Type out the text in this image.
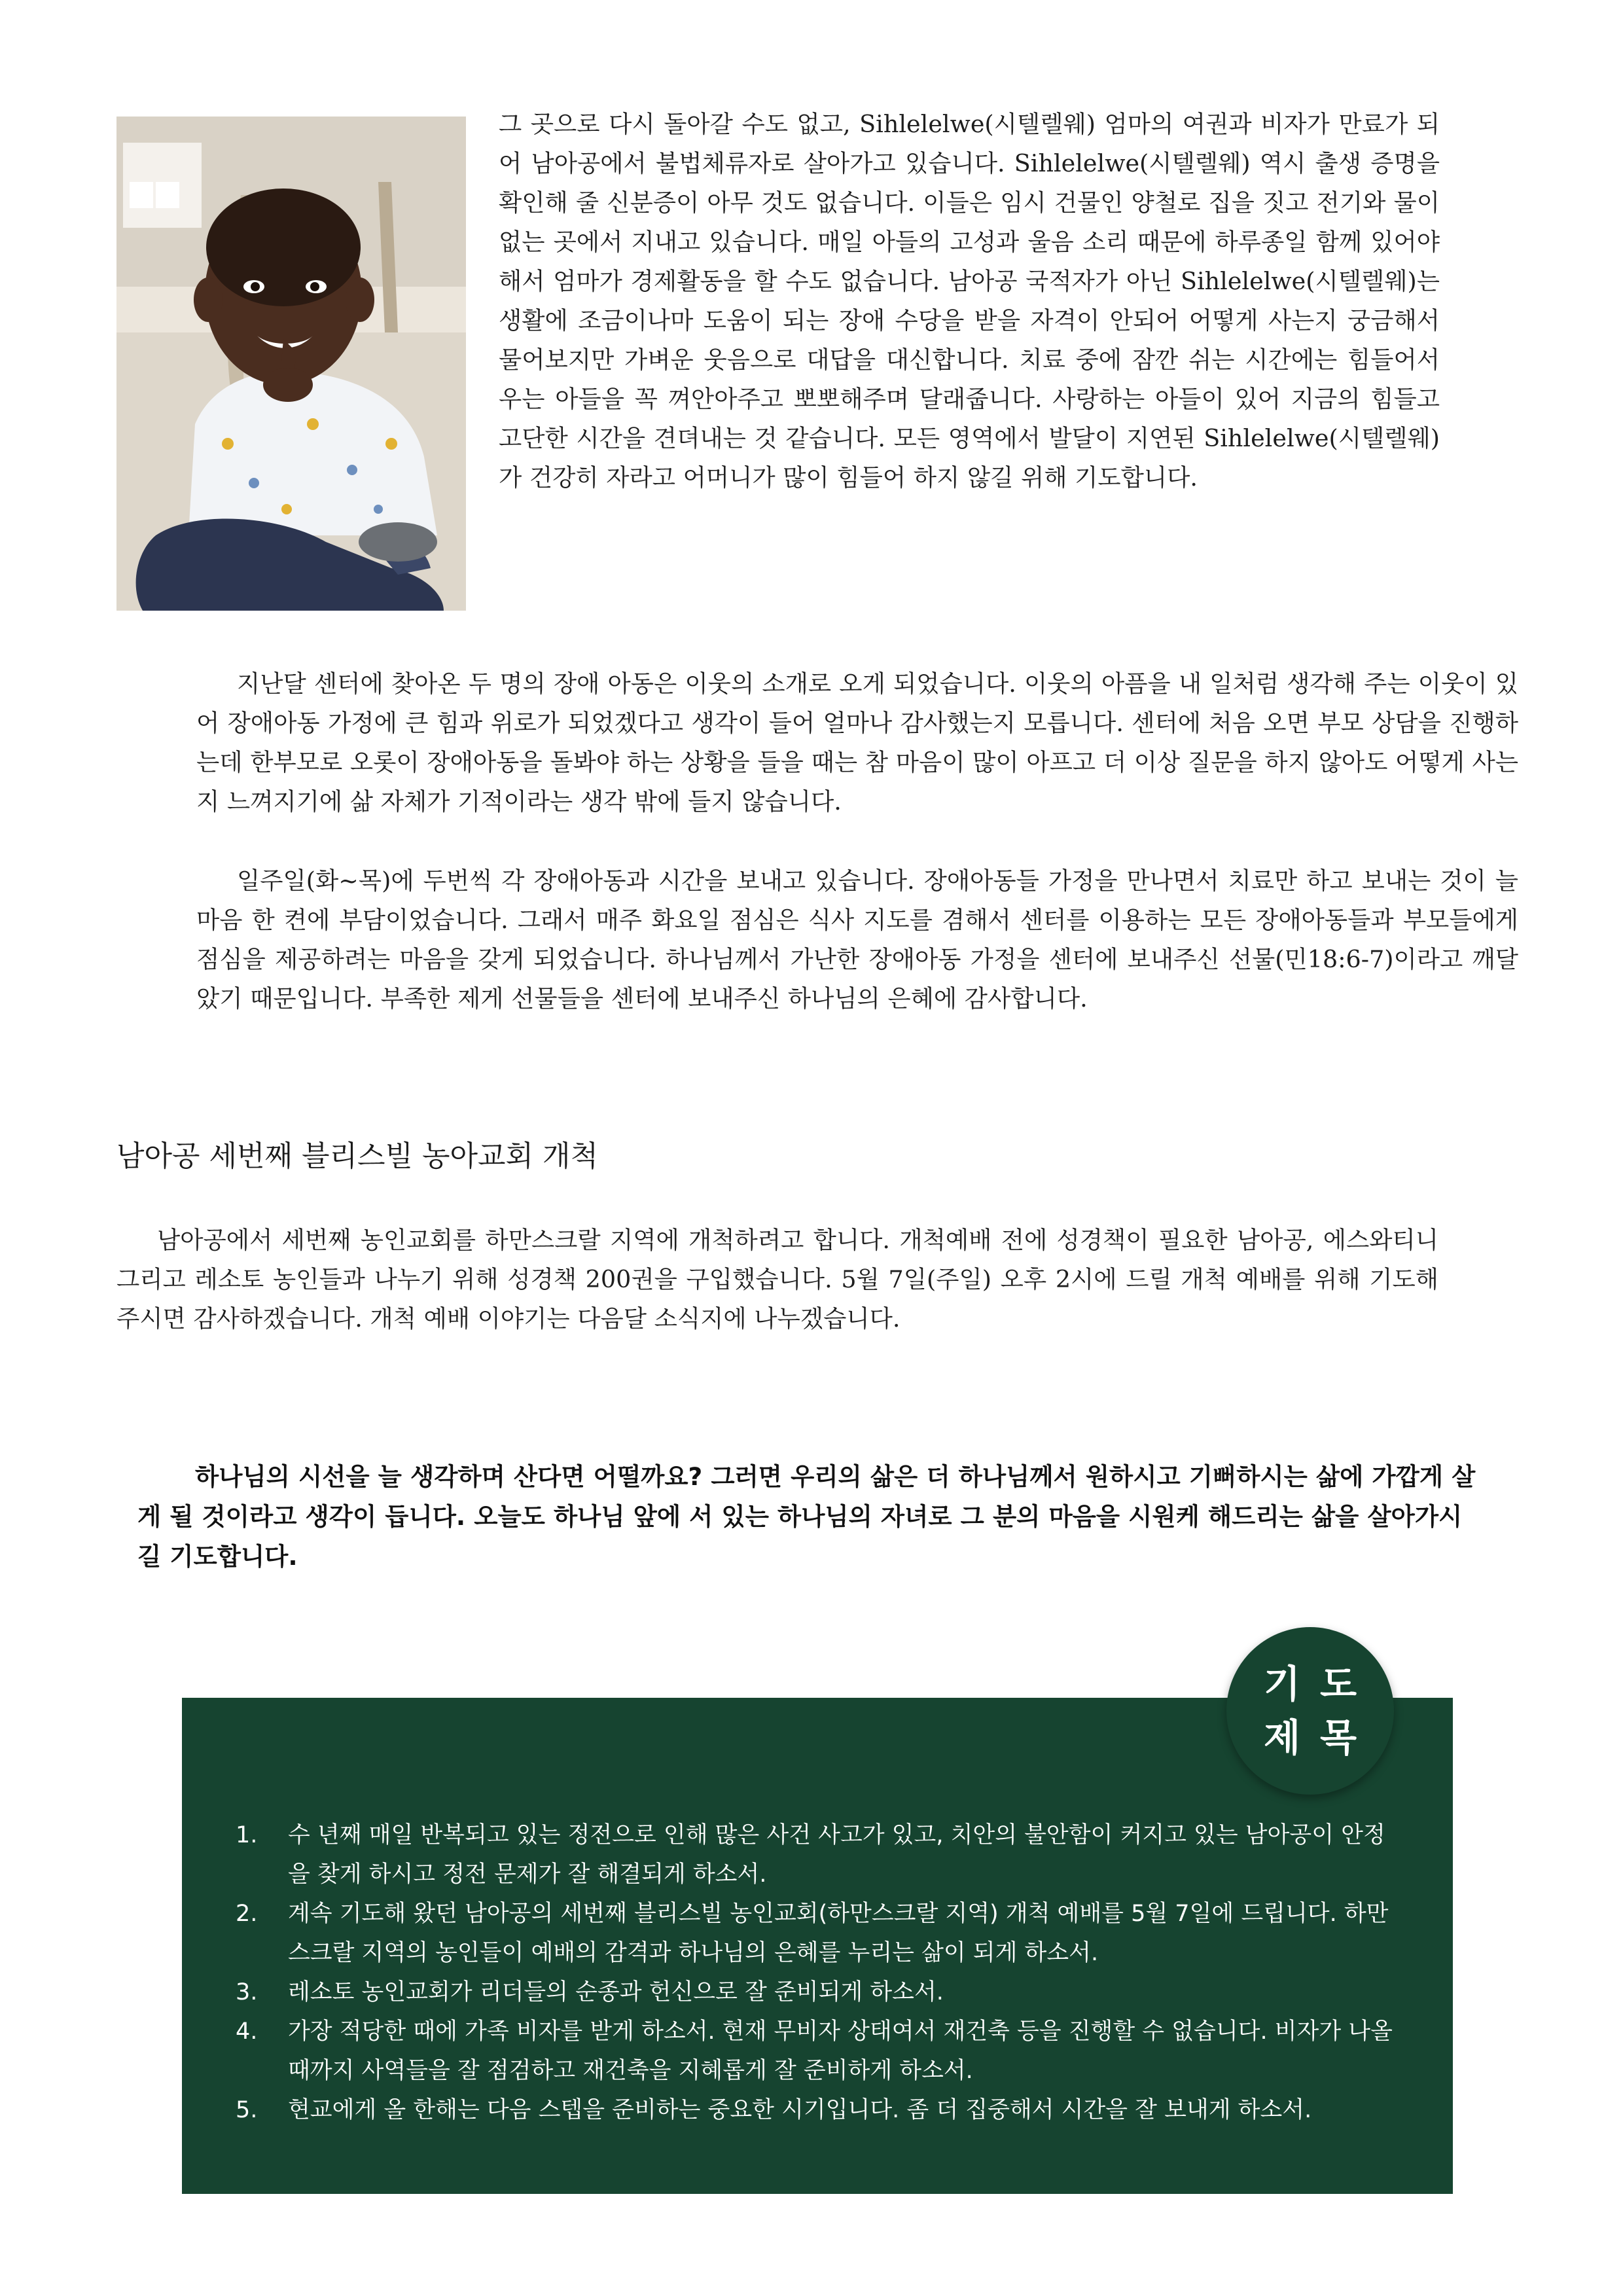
그 곳으로 다시 돌아갈 수도 없고, Sihlelelwe(시텔렐웨) 엄마의 여권과 비자가 만료가 되어 남아공에서 불법체류자로 살아가고 있습니다. Sihlelelwe(시텔렐웨) 역시 출생 증명을 확인해 줄 신분증이 아무 것도 없습니다. 이들은 임시 건물인 양철로 집을 짓고 전기와 물이 없는 곳에서 지내고 있습니다. 매일 아들의 고성과 울음 소리 때문에 하루종일 함께 있어야 해서 엄마가 경제활동을 할 수도 없습니다. 남아공 국적자가 아닌 Sihlelelwe(시텔렐웨)는 생활에 조금이나마 도움이 되는 장애 수당을 받을 자격이 안되어 어떻게 사는지 궁금해서 물어보지만 가벼운 웃음으로 대답을 대신합니다. 치료 중에 잠깐 쉬는 시간에는 힘들어서 우는 아들을 꼭 껴안아주고 뽀뽀해주며 달래줍니다. 사랑하는 아들이 있어 지금의 힘들고 고단한 시간을 견뎌내는 것 같습니다. 모든 영역에서 발달이 지연된 Sihlelelwe(시텔렐웨)가 건강히 자라고 어머니가 많이 힘들어 하지 않길 위해 기도합니다.

지난달 센터에 찾아온 두 명의 장애 아동은 이웃의 소개로 오게 되었습니다. 이웃의 아픔을 내 일처럼 생각해 주는 이웃이 있어 장애아동 가정에 큰 힘과 위로가 되었겠다고 생각이 들어 얼마나 감사했는지 모릅니다. 센터에 처음 오면 부모 상담을 진행하는데 한부모로 오롯이 장애아동을 돌봐야 하는 상황을 들을 때는 참 마음이 많이 아프고 더 이상 질문을 하지 않아도 어떻게 사는지 느껴지기에 삶 자체가 기적이라는 생각 밖에 들지 않습니다.

일주일(화~목)에 두번씩 각 장애아동과 시간을 보내고 있습니다. 장애아동들 가정을 만나면서 치료만 하고 보내는 것이 늘 마음 한 켠에 부담이었습니다. 그래서 매주 화요일 점심은 식사 지도를 겸해서 센터를 이용하는 모든 장애아동들과 부모들에게 점심을 제공하려는 마음을 갖게 되었습니다. 하나님께서 가난한 장애아동 가정을 센터에 보내주신 선물(민18:6-7)이라고 깨달았기 때문입니다. 부족한 제게 선물들을 센터에 보내주신 하나님의 은혜에 감사합니다.

남아공 세번째 블리스빌 농아교회 개척

남아공에서 세번째 농인교회를 하만스크랄 지역에 개척하려고 합니다. 개척예배 전에 성경책이 필요한 남아공, 에스와티니 그리고 레소토 농인들과 나누기 위해 성경책 200권을 구입했습니다. 5월 7일(주일) 오후 2시에 드릴 개척 예배를 위해 기도해 주시면 감사하겠습니다. 개척 예배 이야기는 다음달 소식지에 나누겠습니다.

하나님의 시선을 늘 생각하며 산다면 어떨까요? 그러면 우리의 삶은 더 하나님께서 원하시고 기뻐하시는 삶에 가깝게 살게 될 것이라고 생각이 듭니다. 오늘도 하나님 앞에 서 있는 하나님의 자녀로 그 분의 마음을 시원케 해드리는 삶을 살아가시길 기도합니다.

기도
제목
1. 수 년째 매일 반복되고 있는 정전으로 인해 많은 사건 사고가 있고, 치안의 불안함이 커지고 있는 남아공이 안정을 찾게 하시고 정전 문제가 잘 해결되게 하소서.
2. 계속 기도해 왔던 남아공의 세번째 블리스빌 농인교회(하만스크랄 지역) 개척 예배를 5월 7일에 드립니다. 하만스크랄 지역의 농인들이 예배의 감격과 하나님의 은혜를 누리는 삶이 되게 하소서.
3. 레소토 농인교회가 리더들의 순종과 헌신으로 잘 준비되게 하소서.
4. 가장 적당한 때에 가족 비자를 받게 하소서. 현재 무비자 상태여서 재건축 등을 진행할 수 없습니다. 비자가 나올 때까지 사역들을 잘 점검하고 재건축을 지혜롭게 잘 준비하게 하소서.
5. 현교에게 올 한해는 다음 스텝을 준비하는 중요한 시기입니다. 좀 더 집중해서 시간을 잘 보내게 하소서.
